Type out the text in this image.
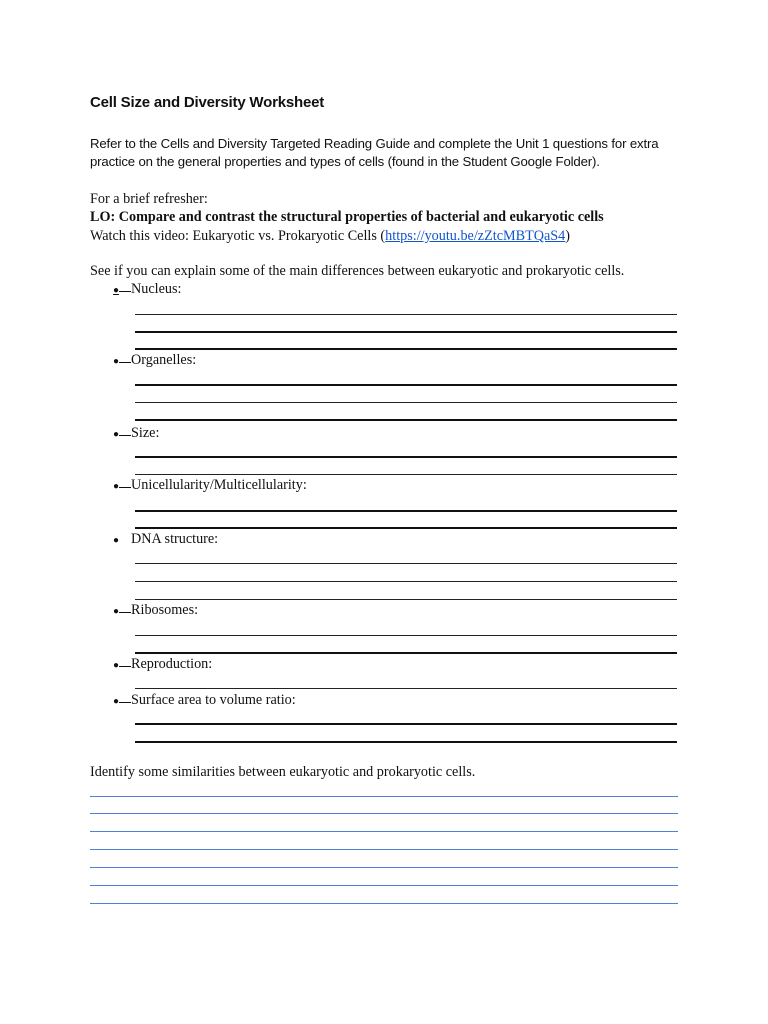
Cell Size and Diversity Worksheet
Refer to the Cells and Diversity Targeted Reading Guide and complete the Unit 1 questions for extra practice on the general properties and types of cells (found in the Student Google Folder).
For a brief refresher:
LO: Compare and contrast the structural properties of bacterial and eukaryotic cells
Watch this video: Eukaryotic vs. Prokaryotic Cells (https://youtu.be/zZtcMBTQaS4)
See if you can explain some of the main differences between eukaryotic and prokaryotic cells.
● Nucleus:
● Organelles:
● Size:
● Unicellularity/Multicellularity:
● DNA structure:
● Ribosomes:
● Reproduction:
● Surface area to volume ratio:
Identify some similarities between eukaryotic and prokaryotic cells.
